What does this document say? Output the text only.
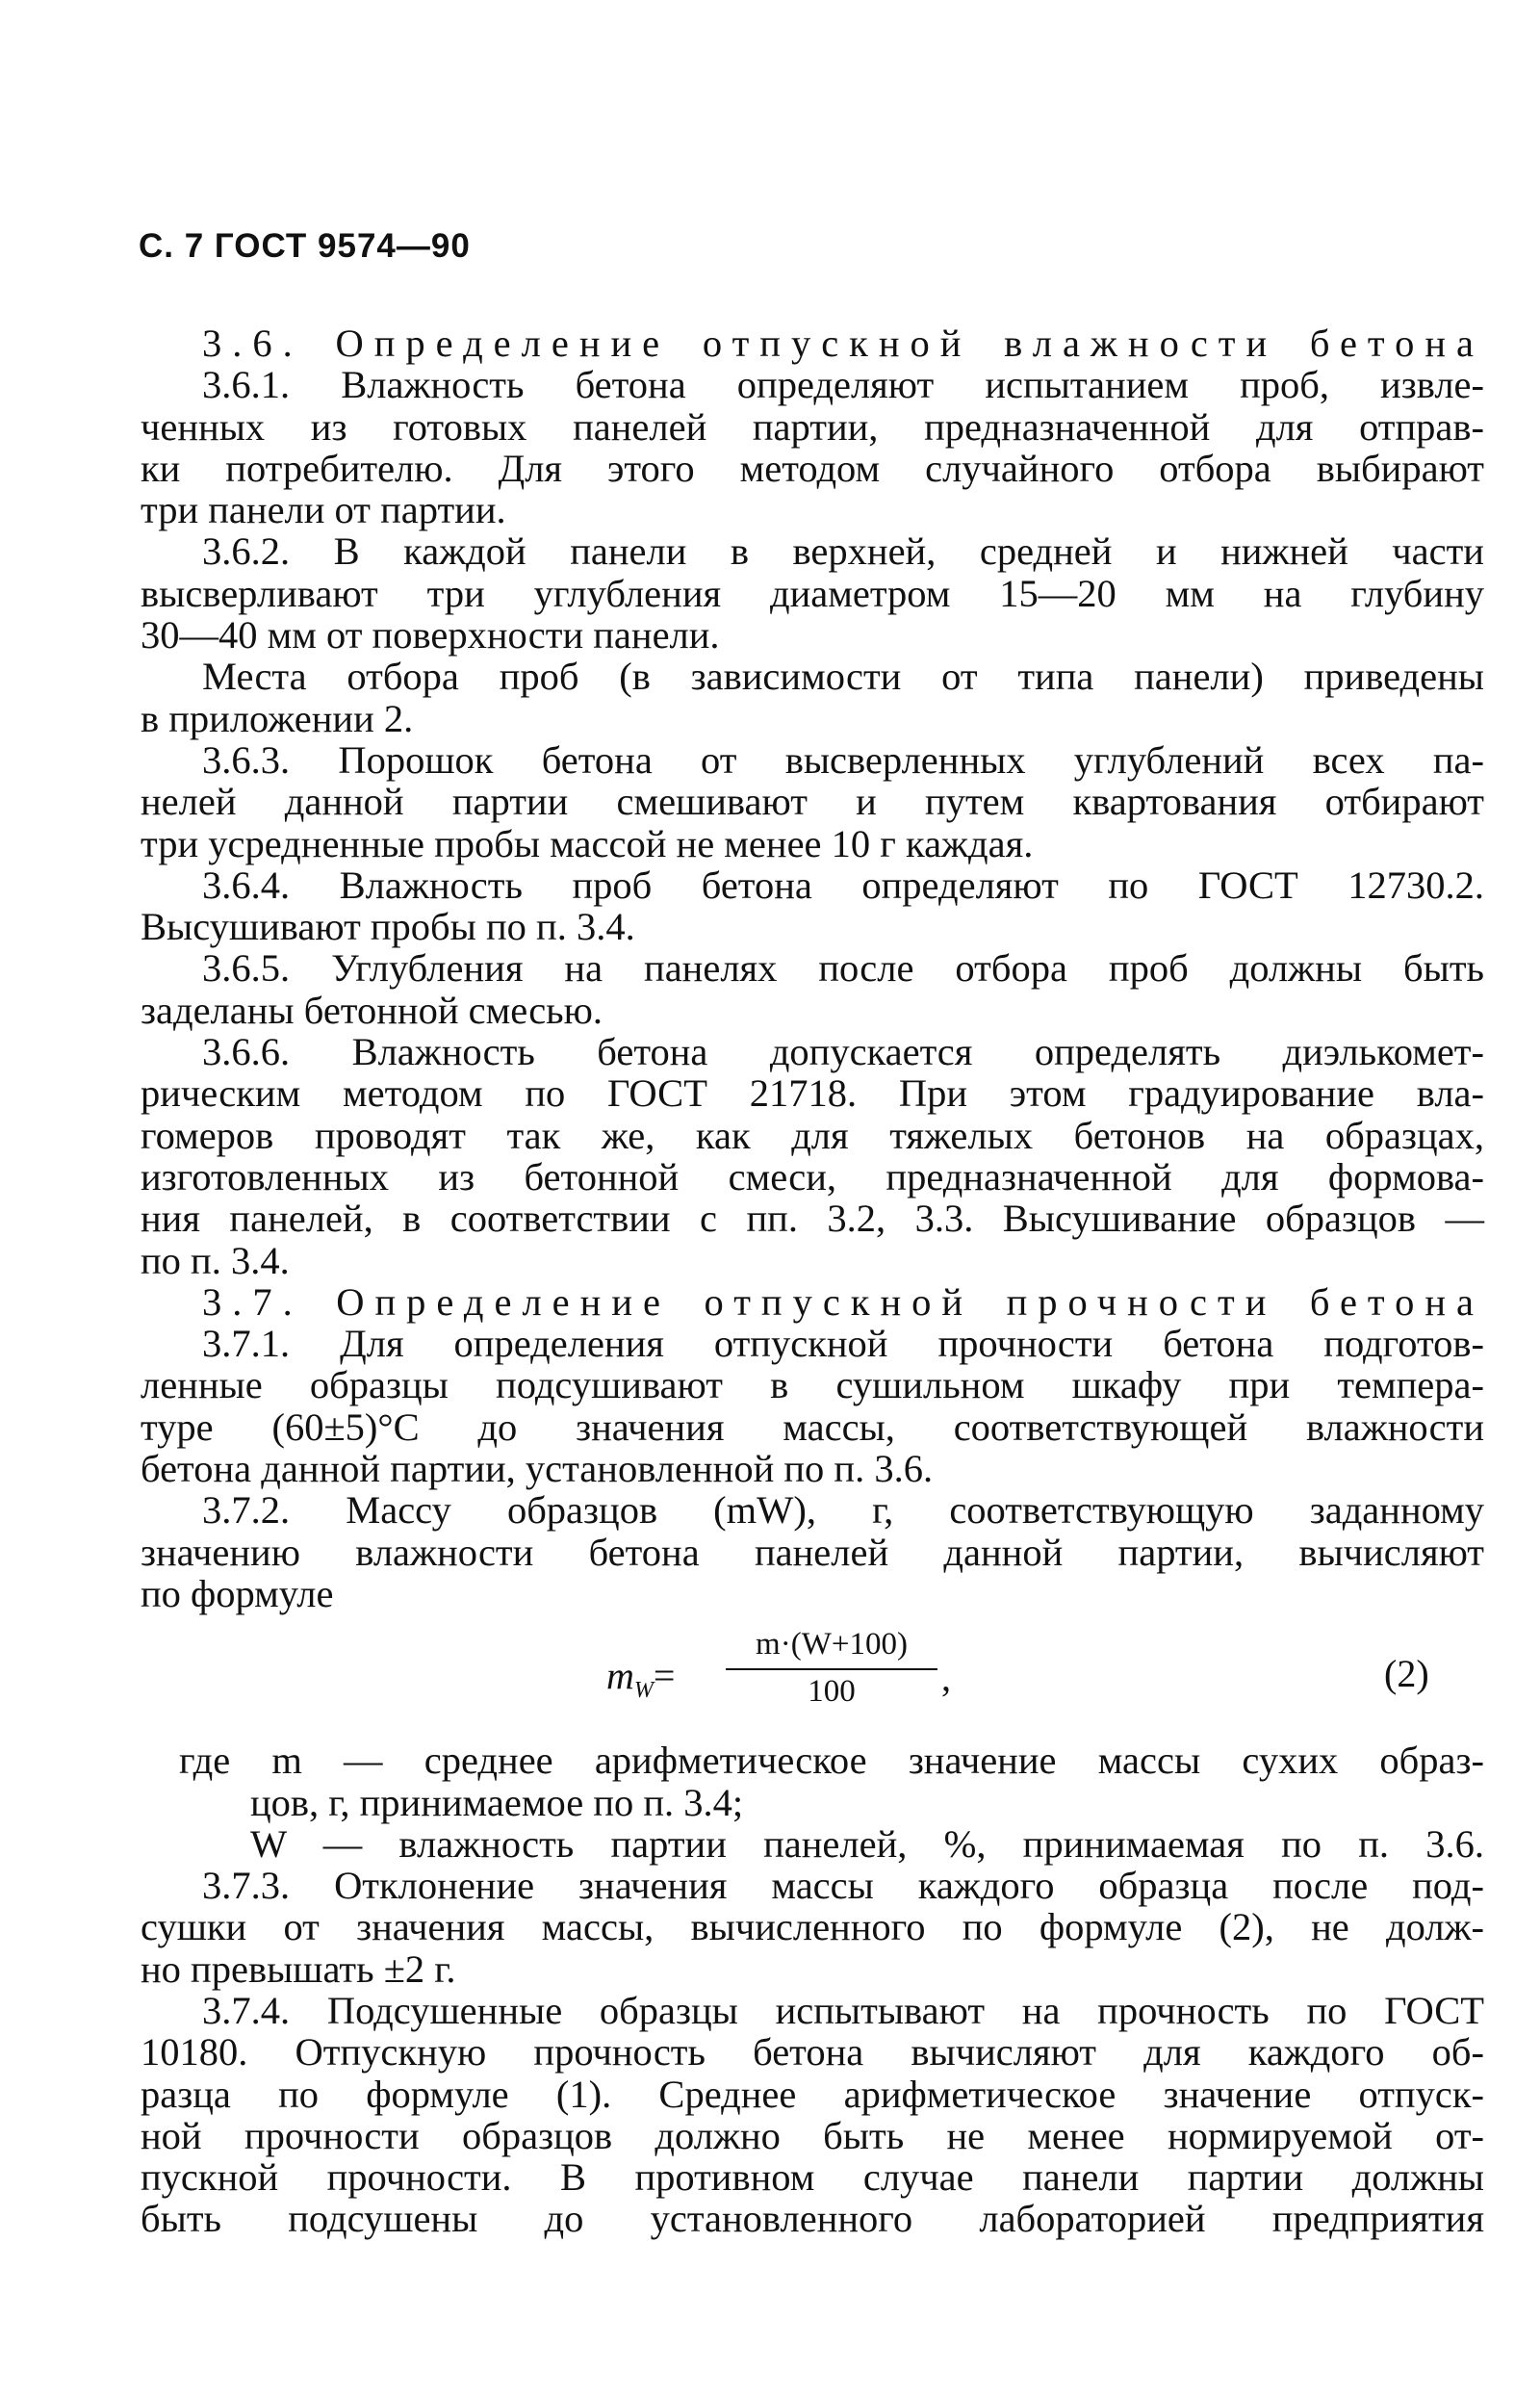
С. 7 ГОСТ 9574—90
3.6. Определение отпускной влажности бетона
3.6.1. Влажность бетона определяют испытанием проб, извле-
ченных из готовых панелей партии, предназначенной для отправ-
ки потребителю. Для этого методом случайного отбора выбирают
три панели от партии.
3.6.2. В каждой панели в верхней, средней и нижней части
высверливают три углубления диаметром 15—20 мм на глубину
30—40 мм от поверхности панели.
Места отбора проб (в зависимости от типа панели) приведены
в приложении 2.
3.6.3. Порошок бетона от высверленных углублений всех па-
нелей данной партии смешивают и путем квартования отбирают
три усредненные пробы массой не менее 10 г каждая.
3.6.4. Влажность проб бетона определяют по ГОСТ 12730.2.
Высушивают пробы по п. 3.4.
3.6.5. Углубления на панелях после отбора проб должны быть
заделаны бетонной смесью.
3.6.6. Влажность бетона допускается определять диэлькомет-
рическим методом по ГОСТ 21718. При этом градуирование вла-
гомеров проводят так же, как для тяжелых бетонов на образцах,
изготовленных из бетонной смеси, предназначенной для формова-
ния панелей, в соответствии с пп. 3.2, 3.3. Высушивание образцов —
по п. 3.4.
3.7. Определение отпускной прочности бетона
3.7.1. Для определения отпускной прочности бетона подготов-
ленные образцы подсушивают в сушильном шкафу при темпера-
туре (60±5)°C до значения массы, соответствующей влажности
бетона данной партии, установленной по п. 3.6.
3.7.2. Массу образцов (mW), г, соответствующую заданному
значению влажности бетона панелей данной партии, вычисляют
по формуле
$m_W= \frac{m\cdot(W+100)}{100}$ ,	(2)
где m — среднее арифметическое значение массы сухих образ-
цов, г, принимаемое по п. 3.4;
W — влажность партии панелей, %, принимаемая по п. 3.6.
3.7.3. Отклонение значения массы каждого образца после под-
сушки от значения массы, вычисленного по формуле (2), не долж-
но превышать ±2 г.
3.7.4. Подсушенные образцы испытывают на прочность по ГОСТ
10180. Отпускную прочность бетона вычисляют для каждого об-
разца по формуле (1). Среднее арифметическое значение отпуск-
ной прочности образцов должно быть не менее нормируемой от-
пускной прочности. В противном случае панели партии должны
быть подсушены до установленного лабораторией предприятия
